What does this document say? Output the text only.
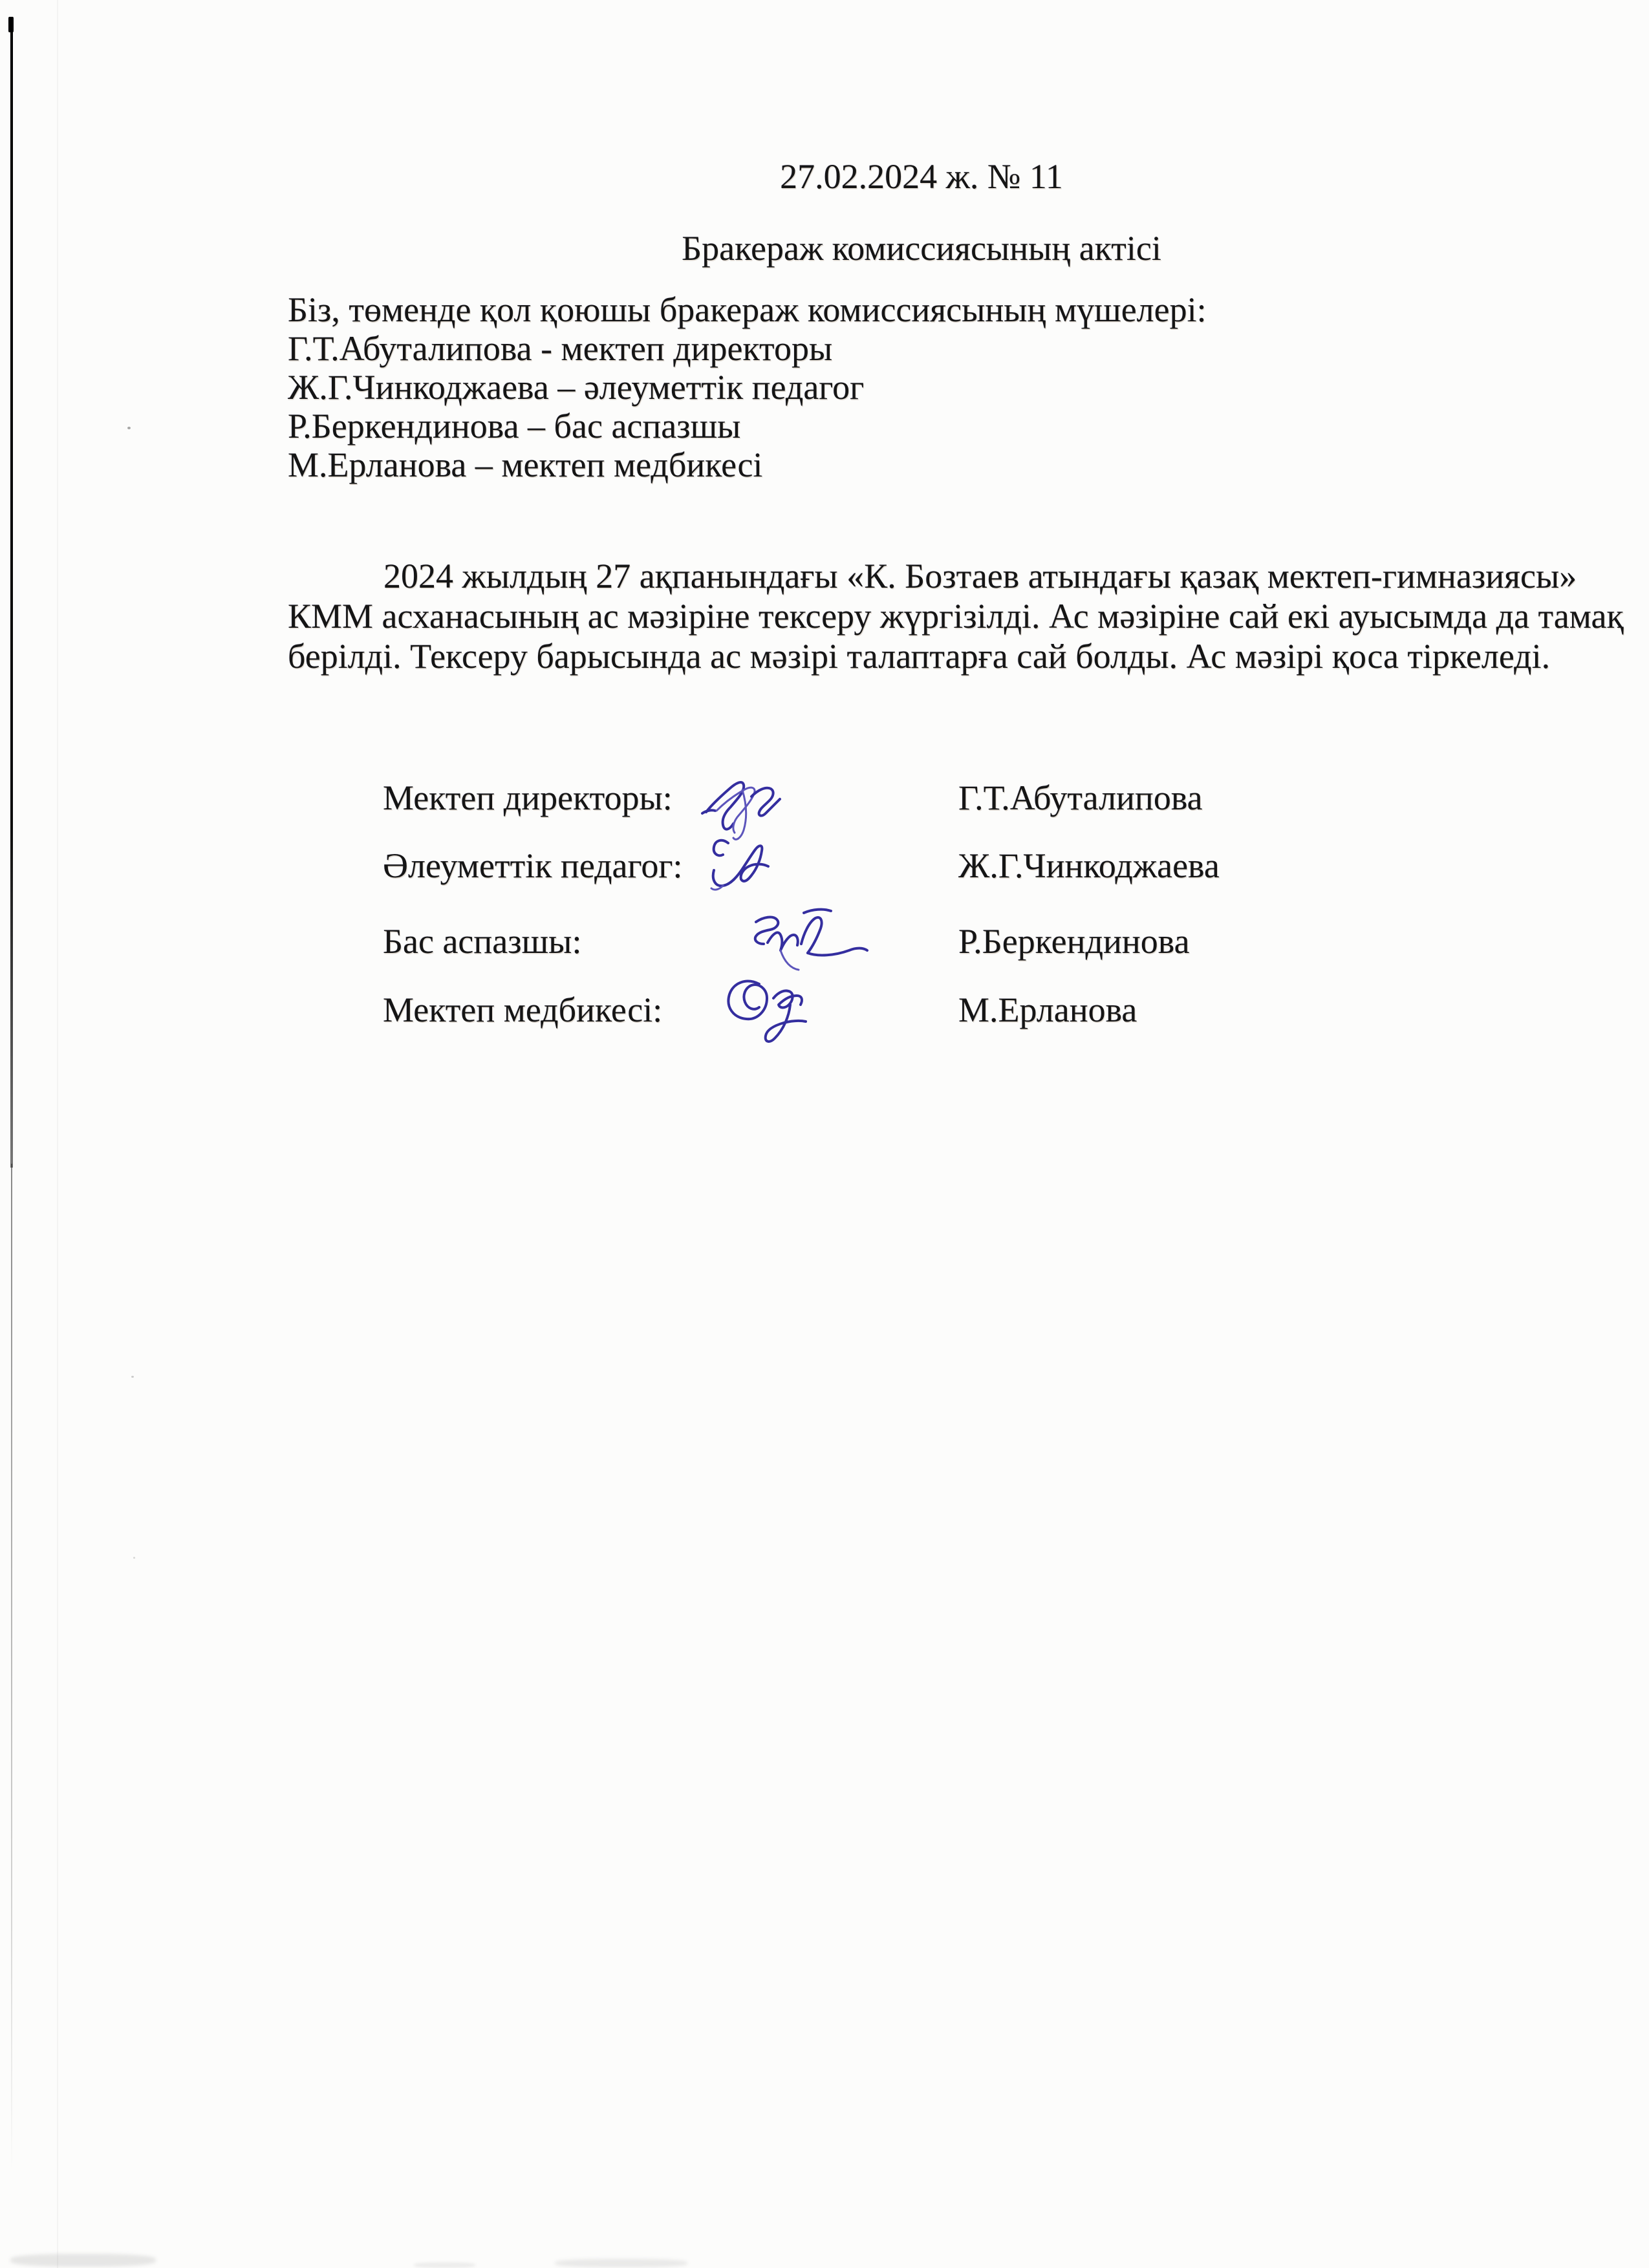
27.02.2024 ж. № 11
Бракераж комиссиясының актісі
Біз, төменде қол қоюшы бракераж комиссиясының мүшелері:
Г.Т.Абуталипова - мектеп директоры
Ж.Г.Чинкоджаева – әлеуметтік педагог
Р.Беркендинова – бас аспазшы
М.Ерланова – мектеп медбикесі
2024 жылдың 27 ақпанындағы «К. Бозтаев атындағы қазақ мектеп-гимназиясы»
КММ асханасының ас мәзіріне тексеру жүргізілді. Ас мәзіріне сай екі ауысымда да тамақ
берілді. Тексеру барысында ас мәзірі талаптарға сай болды. Ас мәзірі қоса тіркеледі.
Мектеп директоры:	Г.Т.Абуталипова
Әлеуметтік педагог:	Ж.Г.Чинкоджаева
Бас аспазшы:	Р.Беркендинова
Мектеп медбикесі:	М.Ерланова
